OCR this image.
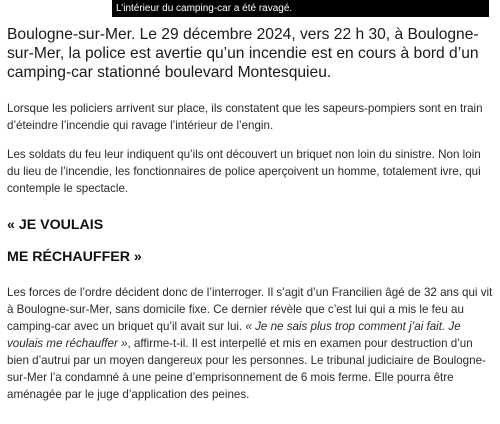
L’intérieur du camping-car a été ravagé.

Boulogne-sur-Mer. Le 29 décembre 2024, vers 22 h 30, à Boulogne-sur-Mer, la police est avertie qu’un incendie est en cours à bord d’un camping-car stationné boulevard Montesquieu.

Lorsque les policiers arrivent sur place, ils constatent que les sapeurs-pompiers sont en train d’éteindre l’incendie qui ravage l’intérieur de l’engin.

Les soldats du feu leur indiquent qu’ils ont découvert un briquet non loin du sinistre. Non loin du lieu de l’incendie, les fonctionnaires de police aperçoivent un homme, totalement ivre, qui contemple le spectacle.

« JE VOULAIS

ME RÉCHAUFFER »

Les forces de l’ordre décident donc de l’interroger. Il s’agit d’un Francilien âgé de 32 ans qui vit à Boulogne-sur-Mer, sans domicile fixe. Ce dernier révèle que c’est lui qui a mis le feu au camping-car avec un briquet qu’il avait sur lui. « Je ne sais plus trop comment j’ai fait. Je voulais me réchauffer », affirme-t-il. Il est interpellé et mis en examen pour destruction d’un bien d’autrui par un moyen dangereux pour les personnes. Le tribunal judiciaire de Boulogne-sur-Mer l’a condamné à une peine d’emprisonnement de 6 mois ferme. Elle pourra être aménagée par le juge d’application des peines.
